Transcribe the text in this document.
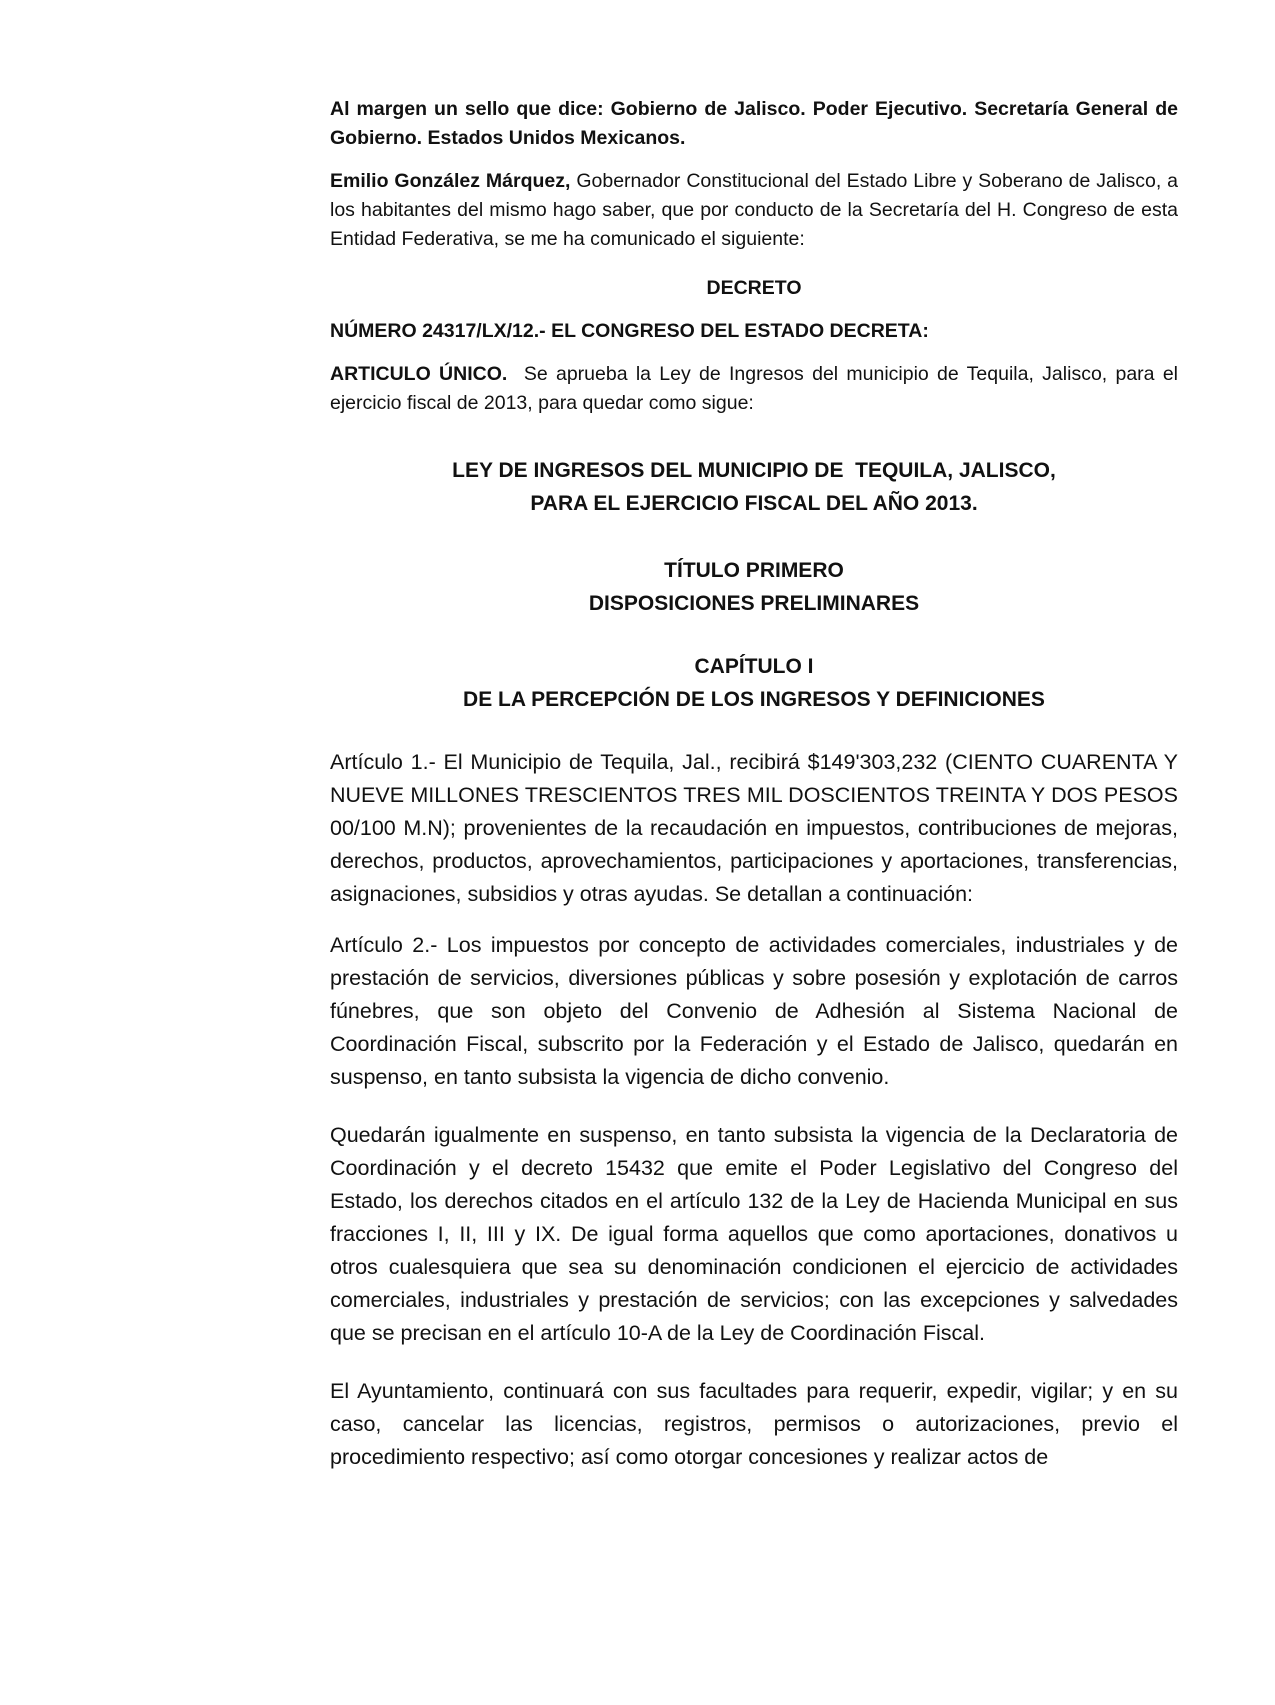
Al margen un sello que dice: Gobierno de Jalisco. Poder Ejecutivo. Secretaría General de Gobierno. Estados Unidos Mexicanos.

Emilio González Márquez, Gobernador Constitucional del Estado Libre y Soberano de Jalisco, a los habitantes del mismo hago saber, que por conducto de la Secretaría del H. Congreso de esta Entidad Federativa, se me ha comunicado el siguiente:

DECRETO

NÚMERO 24317/LX/12.- EL CONGRESO DEL ESTADO DECRETA:

ARTICULO ÚNICO.  Se aprueba la Ley de Ingresos del municipio de Tequila, Jalisco, para el ejercicio fiscal de 2013, para quedar como sigue:

LEY DE INGRESOS DEL MUNICIPIO DE  TEQUILA, JALISCO,
PARA EL EJERCICIO FISCAL DEL AÑO 2013.
TÍTULO PRIMERO
DISPOSICIONES PRELIMINARES
CAPÍTULO I
DE LA PERCEPCIÓN DE LOS INGRESOS Y DEFINICIONES

Artículo 1.- El Municipio de Tequila, Jal., recibirá $149'303,232 (CIENTO CUARENTA Y NUEVE MILLONES TRESCIENTOS TRES MIL DOSCIENTOS TREINTA Y DOS PESOS 00/100 M.N); provenientes de la recaudación en impuestos, contribuciones de mejoras, derechos, productos, aprovechamientos, participaciones y aportaciones, transferencias, asignaciones, subsidios y otras ayudas. Se detallan a continuación:

Artículo 2.- Los impuestos por concepto de actividades comerciales, industriales y de prestación de servicios, diversiones públicas y sobre posesión y explotación de carros fúnebres, que son objeto del Convenio de Adhesión al Sistema Nacional de Coordinación Fiscal, subscrito por la Federación y el Estado de Jalisco, quedarán en suspenso, en tanto subsista la vigencia de dicho convenio.

Quedarán igualmente en suspenso, en tanto subsista la vigencia de la Declaratoria de Coordinación y el decreto 15432 que emite el Poder Legislativo del Congreso del Estado, los derechos citados en el artículo 132 de la Ley de Hacienda Municipal en sus fracciones I, II, III y IX. De igual forma aquellos que como aportaciones, donativos u otros cualesquiera que sea su denominación condicionen el ejercicio de actividades comerciales, industriales y prestación de servicios; con las excepciones y salvedades que se precisan en el artículo 10-A de la Ley de Coordinación Fiscal.

El Ayuntamiento, continuará con sus facultades para requerir, expedir, vigilar; y en su caso, cancelar las licencias, registros, permisos o autorizaciones, previo el procedimiento respectivo; así como otorgar concesiones y realizar actos de
